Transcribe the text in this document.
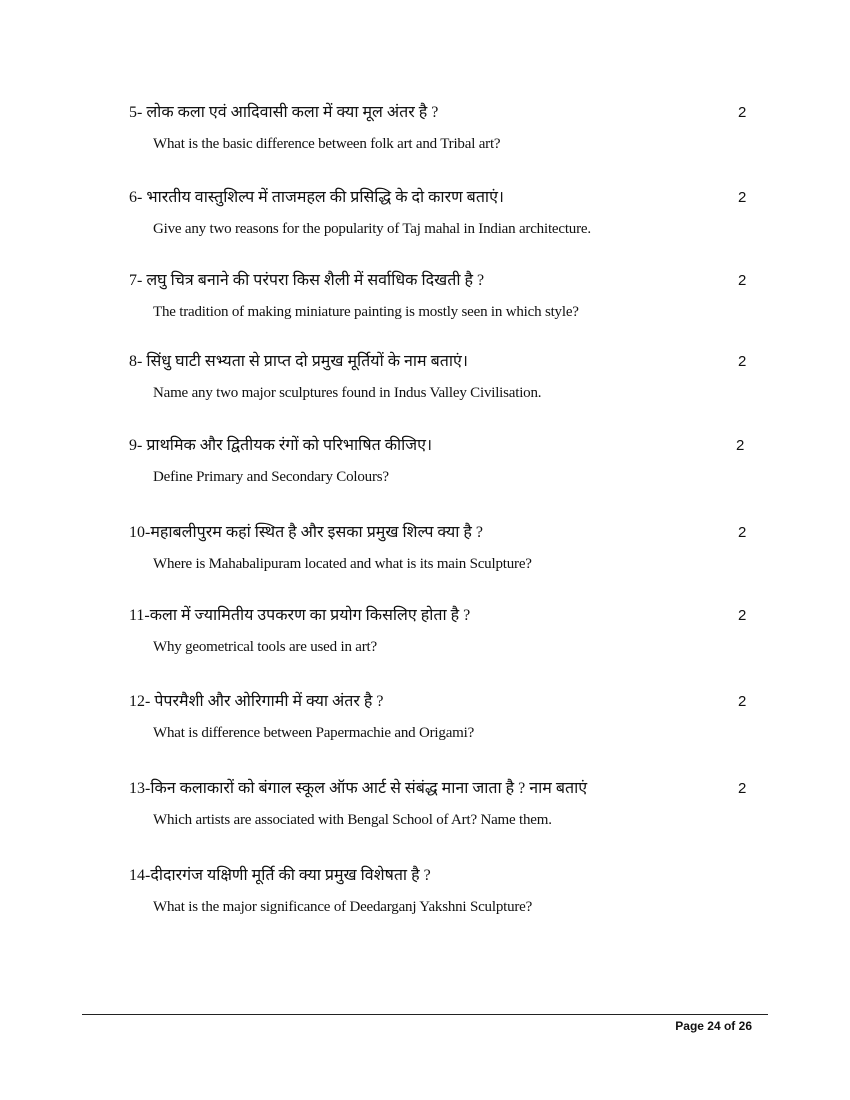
5- लोक कला एवं आदिवासी कला में क्या मूल अंतर है ?	2
What is the basic difference between folk art and Tribal art?
6- भारतीय वास्तुशिल्प में ताजमहल की प्रसिद्धि के दो कारण बताएं।	2
Give any two reasons for the popularity of Taj mahal in Indian architecture.
7- लघु चित्र बनाने की परंपरा किस शैली में सर्वाधिक दिखती है ?	2
The tradition of making miniature painting is mostly seen in which style?
8- सिंधु घाटी सभ्यता से प्राप्त दो प्रमुख मूर्तियों के नाम बताएं।	2
Name any two major sculptures found in Indus Valley Civilisation.
9- प्राथमिक और द्वितीयक रंगों को परिभाषित कीजिए।	2
Define Primary and Secondary Colours?
10-महाबलीपुरम कहां स्थित है और इसका प्रमुख शिल्प क्या है ?	2
Where is Mahabalipuram located and what is its main Sculpture?
11-कला में ज्यामितीय उपकरण का प्रयोग किसलिए होता है ?	2
Why geometrical tools are used in art?
12- पेपरमैशी और ओरिगामी में क्या अंतर है ?	2
What is difference between Papermachie and Origami?
13-किन कलाकारों को बंगाल स्कूल ऑफ आर्ट से संबंद्ध माना जाता है ? नाम बताएं	2
Which artists are associated with Bengal School of Art? Name them.
14-दीदारगंज यक्षिणी मूर्ति की क्या प्रमुख विशेषता है ?
What is the major significance of Deedarganj Yakshni Sculpture?
Page 24 of 26
